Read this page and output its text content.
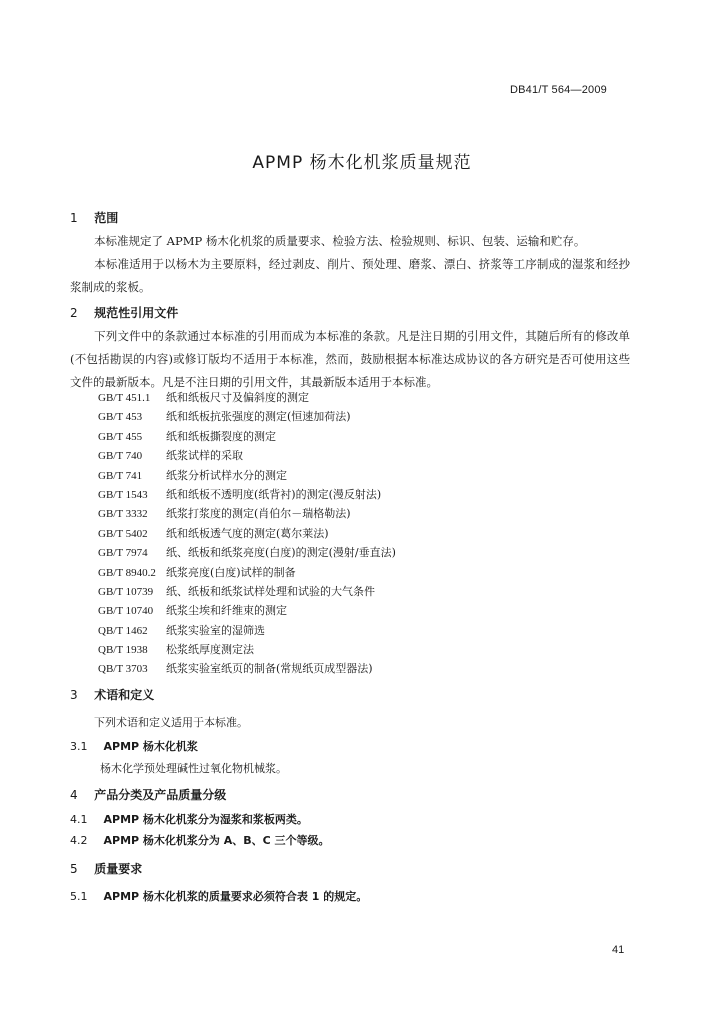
DB41/T 564—2009
APMP 杨木化机浆质量规范
1 范围
本标准规定了 APMP 杨木化机浆的质量要求、检验方法、检验规则、标识、包装、运输和贮存。
本标准适用于以杨木为主要原料，经过剥皮、削片、预处理、磨浆、漂白、挤浆等工序制成的湿浆和经抄浆制成的浆板。
2 规范性引用文件
下列文件中的条款通过本标准的引用而成为本标准的条款。凡是注日期的引用文件，其随后所有的修改单(不包括勘误的内容)或修订版均不适用于本标准，然而，鼓励根据本标准达成协议的各方研究是否可使用这些文件的最新版本。凡是不注日期的引用文件，其最新版本适用于本标准。
GB/T 451.1 纸和纸板尺寸及偏斜度的测定
GB/T 453 纸和纸板抗张强度的测定(恒速加荷法)
GB/T 455 纸和纸板撕裂度的测定
GB/T 740 纸浆试样的采取
GB/T 741 纸浆分析试样水分的测定
GB/T 1543 纸和纸板不透明度(纸背衬)的测定(漫反射法)
GB/T 3332 纸浆打浆度的测定(肖伯尔－瑞格勒法)
GB/T 5402 纸和纸板透气度的测定(葛尔莱法)
GB/T 7974 纸、纸板和纸浆亮度(白度)的测定(漫射/垂直法)
GB/T 8940.2 纸浆亮度(白度)试样的制备
GB/T 10739 纸、纸板和纸浆试样处理和试验的大气条件
GB/T 10740 纸浆尘埃和纤维束的测定
QB/T 1462 纸浆实验室的湿筛选
QB/T 1938 松浆纸厚度测定法
QB/T 3703 纸浆实验室纸页的制备(常规纸页成型器法)
3 术语和定义
下列术语和定义适用于本标准。
3.1 APMP 杨木化机浆
杨木化学预处理碱性过氧化物机械浆。
4 产品分类及产品质量分级
4.1 APMP 杨木化机浆分为湿浆和浆板两类。
4.2 APMP 杨木化机浆分为 A、B、C 三个等级。
5 质量要求
5.1 APMP 杨木化机浆的质量要求必须符合表 1 的规定。
41
